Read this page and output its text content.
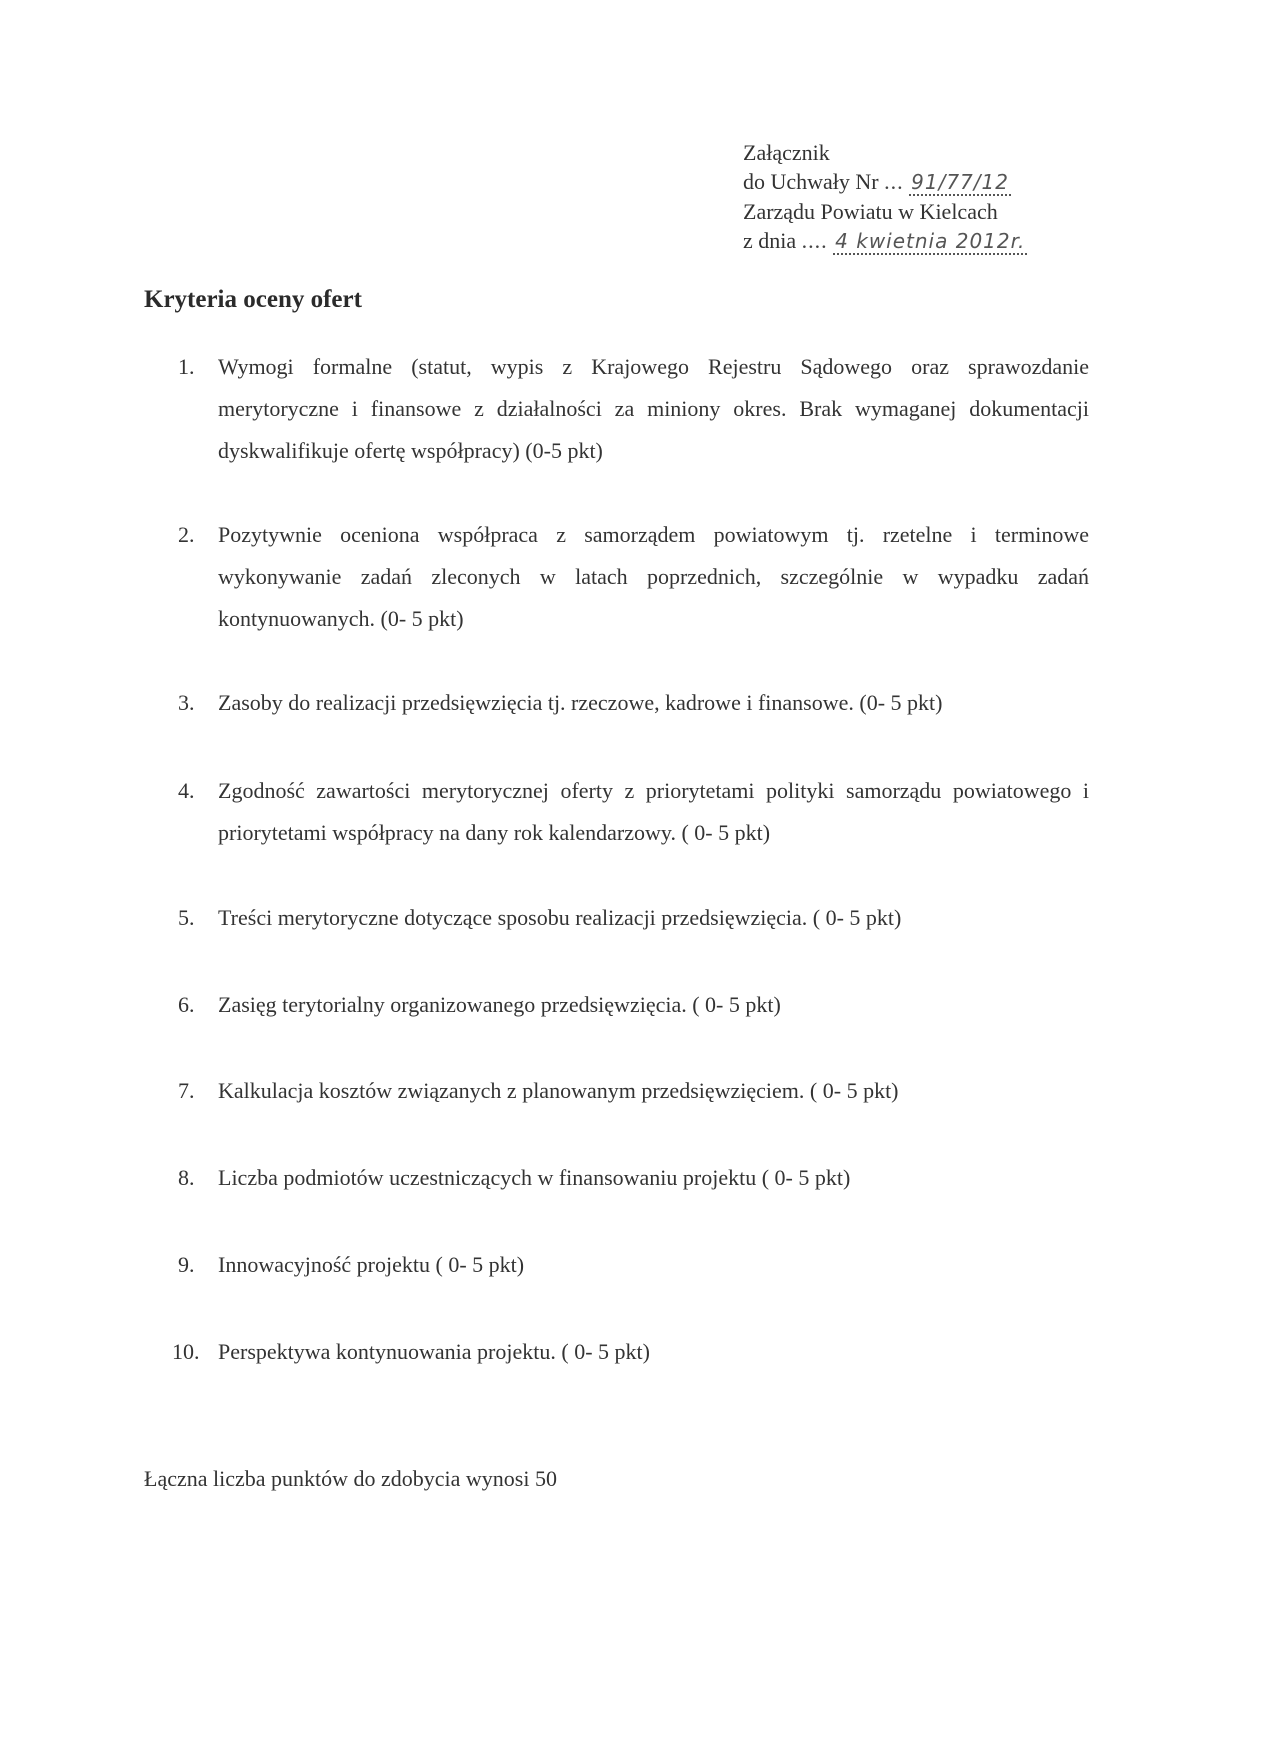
Załącznik
do Uchwały Nr ... 91/77/12
Zarządu Powiatu w Kielcach
z dnia .... 4 kwietnia 2012r.
Kryteria oceny ofert
1.	Wymogi formalne (statut, wypis z Krajowego Rejestru Sądowego oraz sprawozdanie merytoryczne i finansowe z działalności za miniony okres. Brak wymaganej dokumentacji dyskwalifikuje ofertę współpracy) (0-5 pkt)
2.	Pozytywnie oceniona współpraca z samorządem powiatowym tj. rzetelne i terminowe wykonywanie zadań zleconych w latach poprzednich, szczególnie w wypadku zadań kontynuowanych. (0- 5 pkt)
3.	Zasoby do realizacji przedsięwzięcia tj. rzeczowe, kadrowe i finansowe. (0- 5 pkt)
4.	Zgodność zawartości merytorycznej oferty z priorytetami polityki samorządu powiatowego i priorytetami współpracy na dany rok kalendarzowy. ( 0- 5 pkt)
5.	Treści merytoryczne dotyczące sposobu realizacji przedsięwzięcia. ( 0- 5 pkt)
6.	Zasięg terytorialny organizowanego przedsięwzięcia. ( 0- 5 pkt)
7.	Kalkulacja kosztów związanych z planowanym przedsięwzięciem. ( 0- 5 pkt)
8.	Liczba podmiotów uczestniczących w finansowaniu projektu ( 0- 5 pkt)
9.	Innowacyjność projektu ( 0- 5 pkt)
10. Perspektywa kontynuowania projektu. ( 0- 5 pkt)
Łączna liczba punktów do zdobycia wynosi 50
